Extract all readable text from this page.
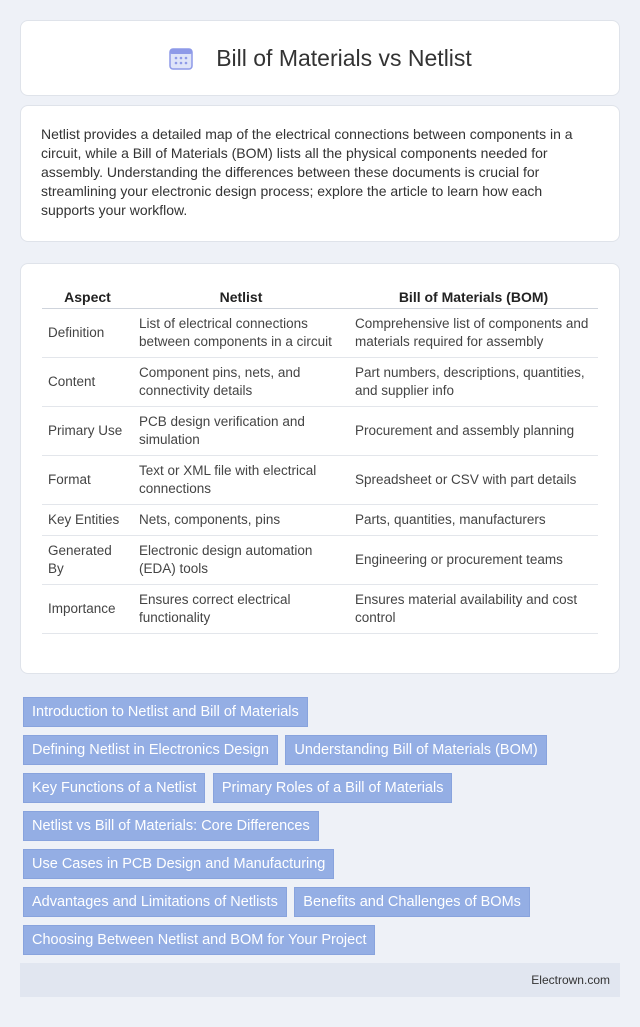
Bill of Materials vs Netlist

Netlist provides a detailed map of the electrical connections between components in a circuit, while a Bill of Materials (BOM) lists all the physical components needed for assembly. Understanding the differences between these documents is crucial for streamlining your electronic design process; explore the article to learn how each supports your workflow.

Aspect	Netlist	Bill of Materials (BOM)
Definition	List of electrical connections between components in a circuit	Comprehensive list of components and materials required for assembly
Content	Component pins, nets, and connectivity details	Part numbers, descriptions, quantities, and supplier info
Primary Use	PCB design verification and simulation	Procurement and assembly planning
Format	Text or XML file with electrical connections	Spreadsheet or CSV with part details
Key Entities	Nets, components, pins	Parts, quantities, manufacturers
Generated By	Electronic design automation (EDA) tools	Engineering or procurement teams
Importance	Ensures correct electrical functionality	Ensures material availability and cost control
Introduction to Netlist and Bill of Materials
Defining Netlist in Electronics Design Understanding Bill of Materials (BOM)
Key Functions of a Netlist Primary Roles of a Bill of Materials
Netlist vs Bill of Materials: Core Differences
Use Cases in PCB Design and Manufacturing
Advantages and Limitations of Netlists Benefits and Challenges of BOMs
Choosing Between Netlist and BOM for Your Project
Electrown.com
